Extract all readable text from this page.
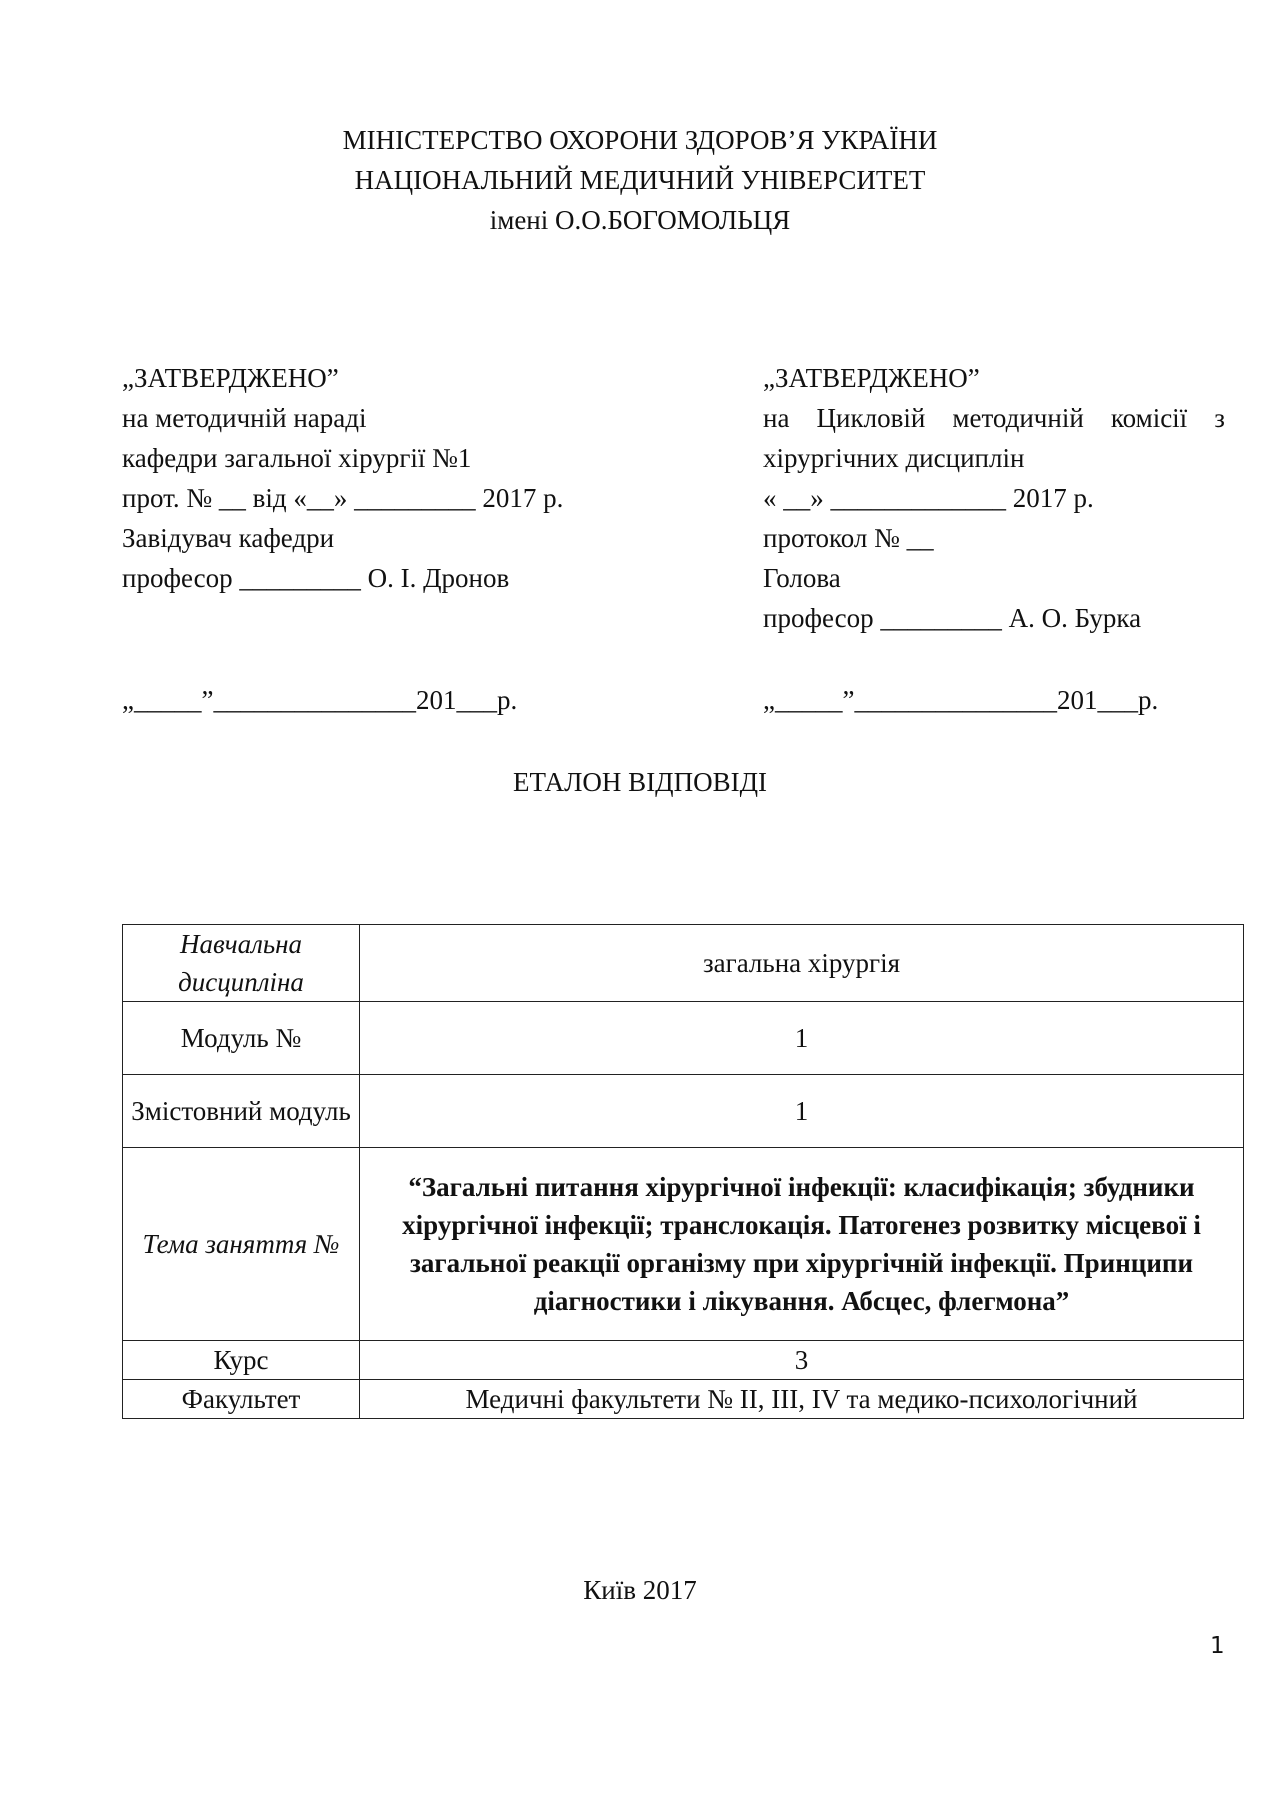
МІНІСТЕРСТВО ОХОРОНИ ЗДОРОВ’Я УКРАЇНИ
НАЦІОНАЛЬНИЙ МЕДИЧНИЙ УНІВЕРСИТЕТ
імені О.О.БОГОМОЛЬЦЯ
„ЗАТВЕРДЖЕНО”
на методичній нараді
кафедри загальної хірургії №1
прот. № __ від «__» _________ 2017 р.
Завідувач кафедри
професор _________ О. І. Дронов
„_____”_______________201___р.
„ЗАТВЕРДЖЕНО”
на Цикловій методичній комісії з
хірургічних дисциплін
« __» _____________ 2017 р.
протокол № __
Голова
професор _________ А. О. Бурка
„_____”_______________201___р.
ЕТАЛОН ВІДПОВІДІ
Навчальна дисципліна	загальна хірургія
Модуль №	1
Змістовний модуль	1
Тема заняття №	“Загальні питання хірургічної інфекції: класифікація; збудники хірургічної інфекції; транслокація. Патогенез розвитку місцевої і загальної реакції організму при хірургічній інфекції. Принципи діагностики і лікування. Абсцес, флегмона”
Курс	3
Факультет	Медичні факультети № ІІ, ІІІ, ІV та медико-психологічний
Київ 2017
1
